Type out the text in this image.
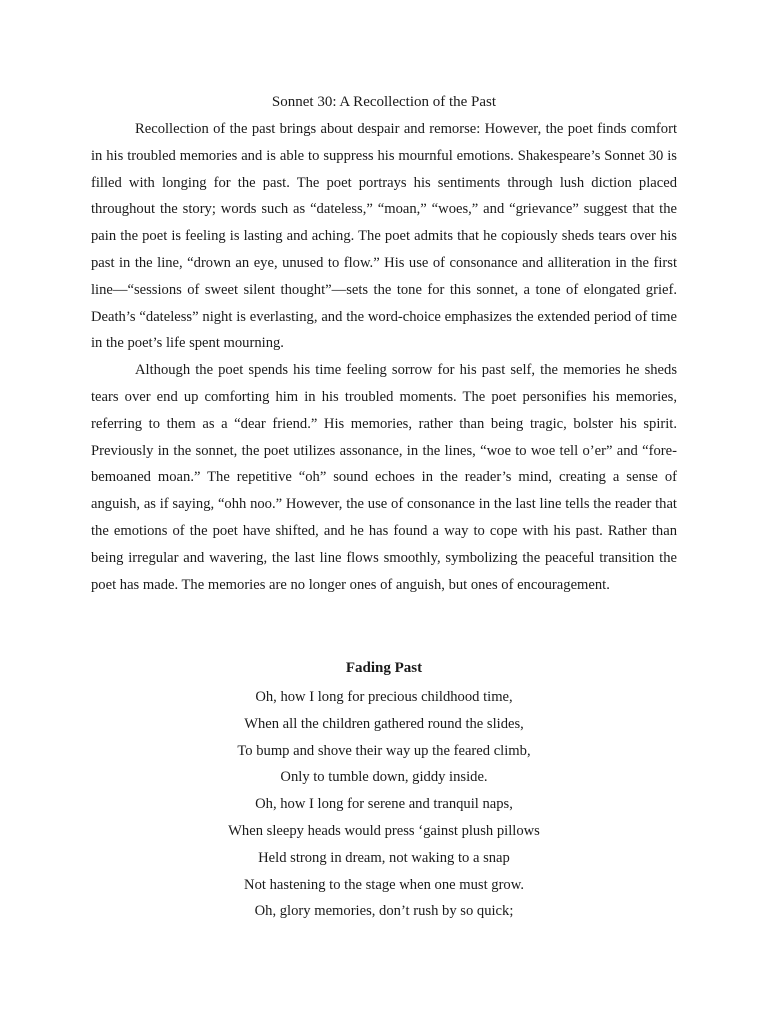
Sonnet 30: A Recollection of the Past

Recollection of the past brings about despair and remorse: However, the poet finds comfort in his troubled memories and is able to suppress his mournful emotions. Shakespeare’s Sonnet 30 is filled with longing for the past. The poet portrays his sentiments through lush diction placed throughout the story; words such as “dateless,” “moan,” “woes,” and “grievance” suggest that the pain the poet is feeling is lasting and aching. The poet admits that he copiously sheds tears over his past in the line, “drown an eye, unused to flow.” His use of consonance and alliteration in the first line—“sessions of sweet silent thought”—sets the tone for this sonnet, a tone of elongated grief. Death’s “dateless” night is everlasting, and the word-choice emphasizes the extended period of time in the poet’s life spent mourning.

Although the poet spends his time feeling sorrow for his past self, the memories he sheds tears over end up comforting him in his troubled moments. The poet personifies his memories, referring to them as a “dear friend.” His memories, rather than being tragic, bolster his spirit. Previously in the sonnet, the poet utilizes assonance, in the lines, “woe to woe tell o’er” and “fore-bemoaned moan.” The repetitive “oh” sound echoes in the reader’s mind, creating a sense of anguish, as if saying, “ohh noo.” However, the use of consonance in the last line tells the reader that the emotions of the poet have shifted, and he has found a way to cope with his past. Rather than being irregular and wavering, the last line flows smoothly, symbolizing the peaceful transition the poet has made. The memories are no longer ones of anguish, but ones of encouragement.

Fading Past
Oh, how I long for precious childhood time,
When all the children gathered round the slides,
To bump and shove their way up the feared climb,
Only to tumble down, giddy inside.
Oh, how I long for serene and tranquil naps,
When sleepy heads would press ‘gainst plush pillows
Held strong in dream, not waking to a snap
Not hastening to the stage when one must grow.
Oh, glory memories, don’t rush by so quick;
